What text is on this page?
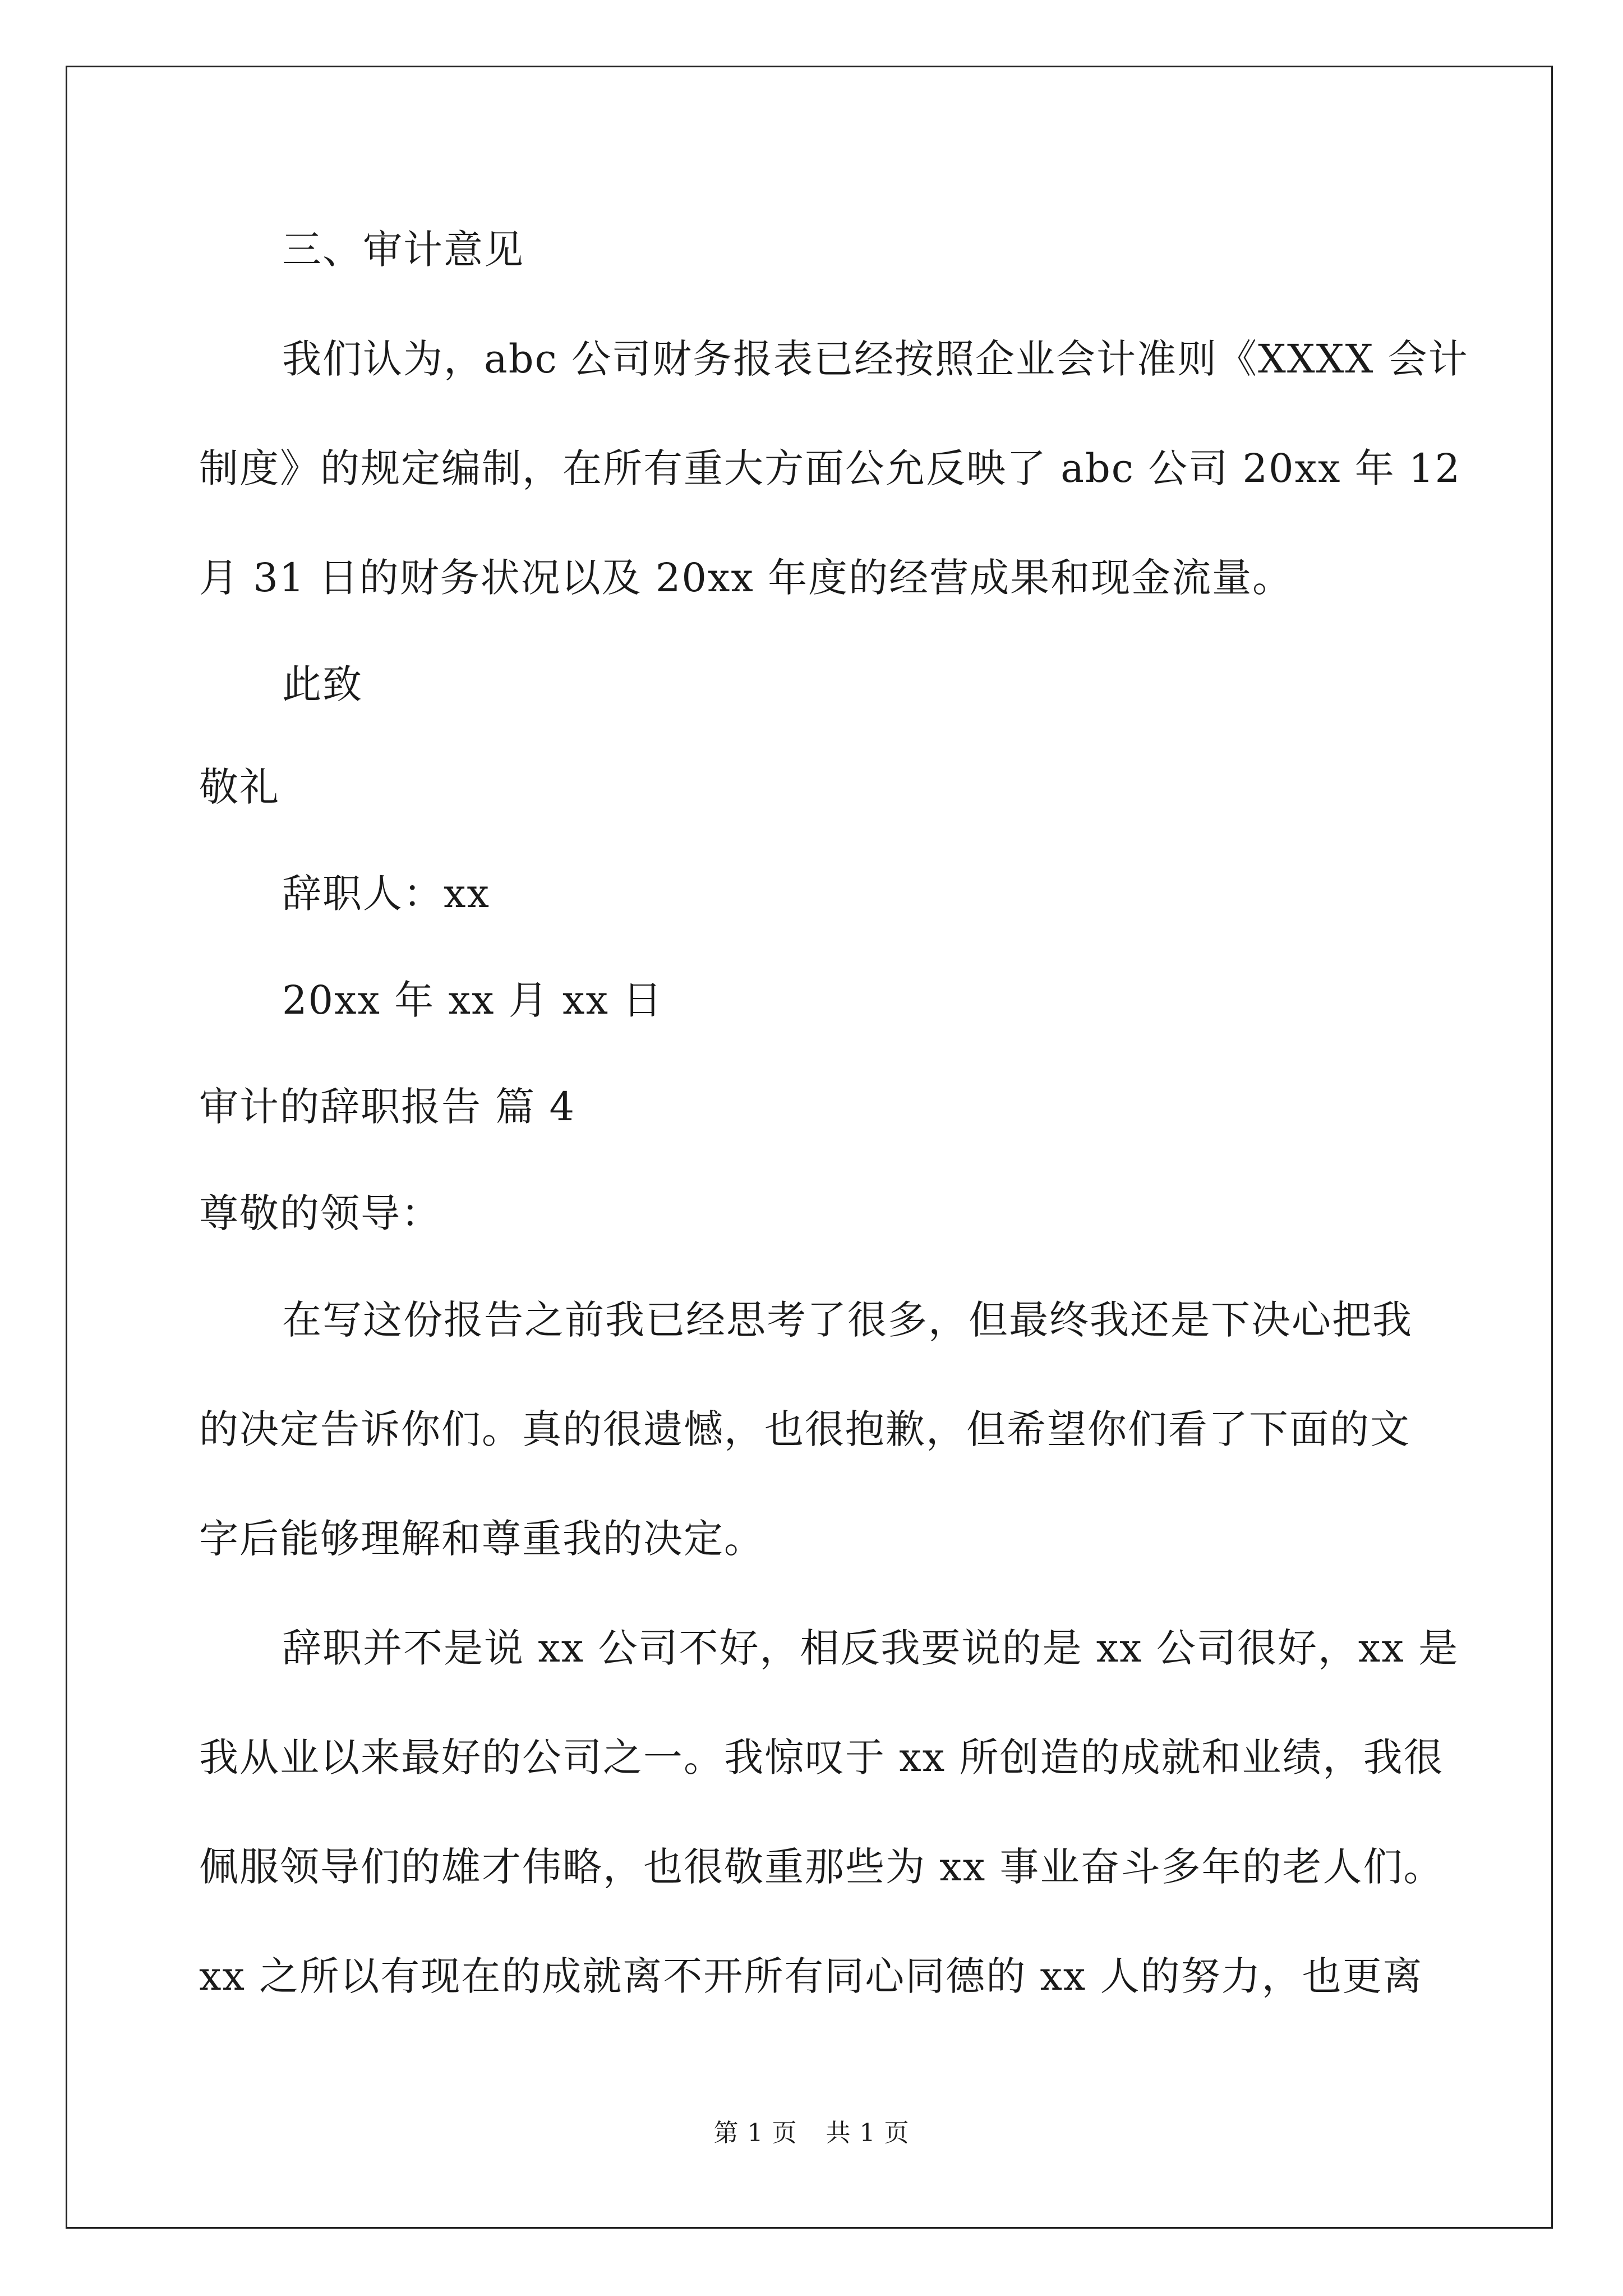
三、审计意见
我们认为，abc 公司财务报表已经按照企业会计准则《XXXX 会计
制度》的规定编制，在所有重大方面公允反映了 abc 公司 20xx 年 12
月 31 日的财务状况以及 20xx 年度的经营成果和现金流量。
此致
敬礼
辞职人：xx
20xx 年 xx 月 xx 日
审计的辞职报告 篇 4
尊敬的领导：
在写这份报告之前我已经思考了很多，但最终我还是下决心把我
的决定告诉你们。真的很遗憾，也很抱歉，但希望你们看了下面的文
字后能够理解和尊重我的决定。
辞职并不是说 xx 公司不好，相反我要说的是 xx 公司很好，xx 是
我从业以来最好的公司之一。我惊叹于 xx 所创造的成就和业绩，我很
佩服领导们的雄才伟略，也很敬重那些为 xx 事业奋斗多年的老人们。
xx 之所以有现在的成就离不开所有同心同德的 xx 人的努力，也更离
第 1 页 共 1 页
